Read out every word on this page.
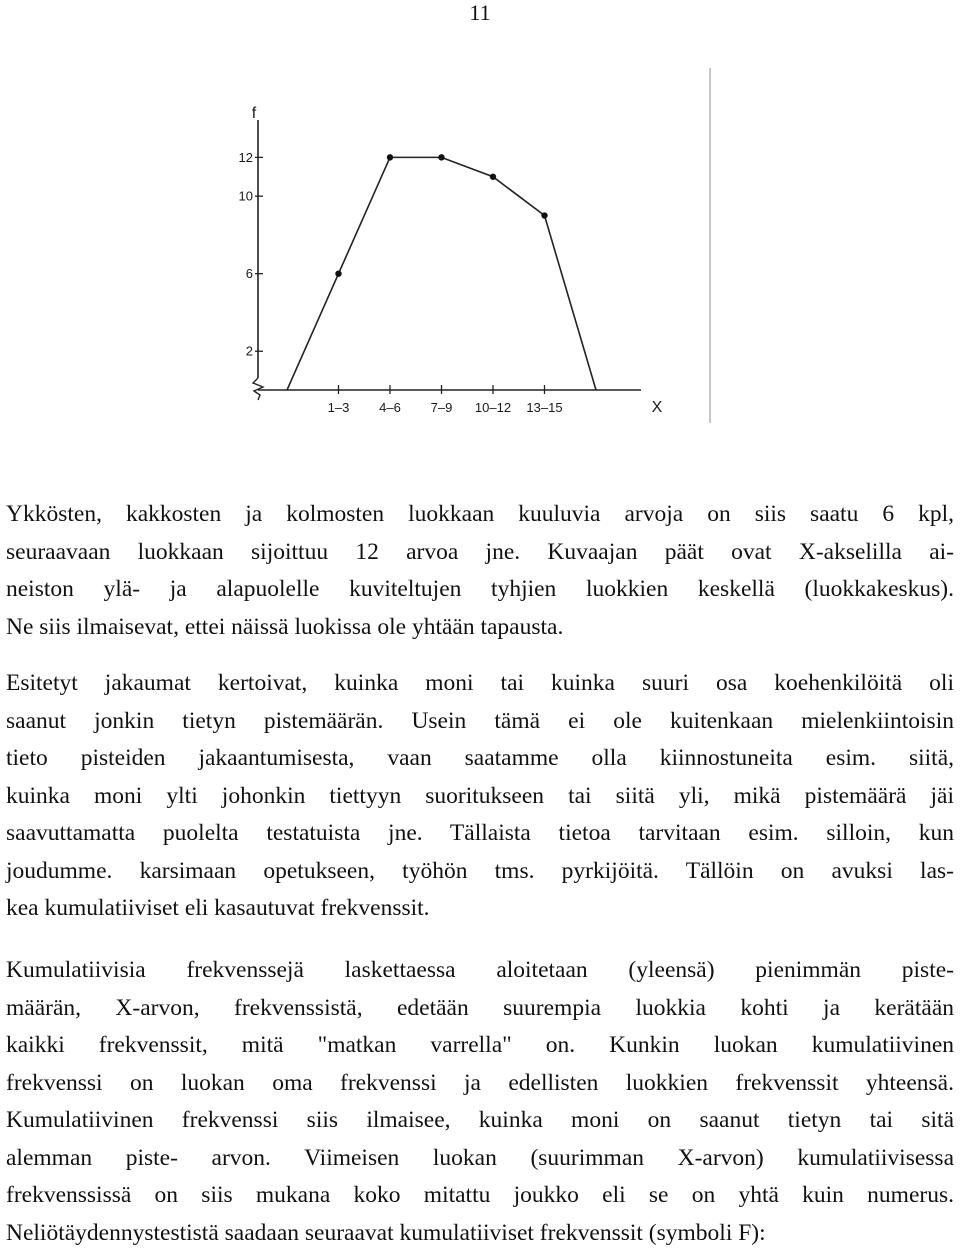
11
f
12
10
6
2
1–3 4–6 7–9 10–12 13–15	X
Ykkösten, kakkosten ja kolmosten luokkaan kuuluvia arvoja on siis saatu 6 kpl,
seuraavaan luokkaan sijoittuu 12 arvoa jne. Kuvaajan päät ovat X-akselilla ai-
neiston ylä- ja alapuolelle kuviteltujen tyhjien luokkien keskellä (luokkakeskus).
Ne siis ilmaisevat, ettei näissä luokissa ole yhtään tapausta.
Esitetyt jakaumat kertoivat, kuinka moni tai kuinka suuri osa koehenkilöitä oli
saanut jonkin tietyn pistemäärän. Usein tämä ei ole kuitenkaan mielenkiintoisin
tieto pisteiden jakaantumisesta, vaan saatamme olla kiinnostuneita esim. siitä,
kuinka moni ylti johonkin tiettyyn suoritukseen tai siitä yli, mikä pistemäärä jäi
saavuttamatta puolelta testatuista jne. Tällaista tietoa tarvitaan esim. silloin, kun
joudumme. karsimaan opetukseen, työhön tms. pyrkijöitä. Tällöin on avuksi las-
kea kumulatiiviset eli kasautuvat frekvenssit.
Kumulatiivisia frekvenssejä laskettaessa aloitetaan (yleensä) pienimmän piste-
määrän, X-arvon, frekvenssistä, edetään suurempia luokkia kohti ja kerätään
kaikki frekvenssit, mitä "matkan varrella" on. Kunkin luokan kumulatiivinen
frekvenssi on luokan oma frekvenssi ja edellisten luokkien frekvenssit yhteensä.
Kumulatiivinen frekvenssi siis ilmaisee, kuinka moni on saanut tietyn tai sitä
alemman piste- arvon. Viimeisen luokan (suurimman X-arvon) kumulatiivisessa
frekvenssissä on siis mukana koko mitattu joukko eli se on yhtä kuin numerus.
Neliötäydennystestistä saadaan seuraavat kumulatiiviset frekvenssit (symboli F):
